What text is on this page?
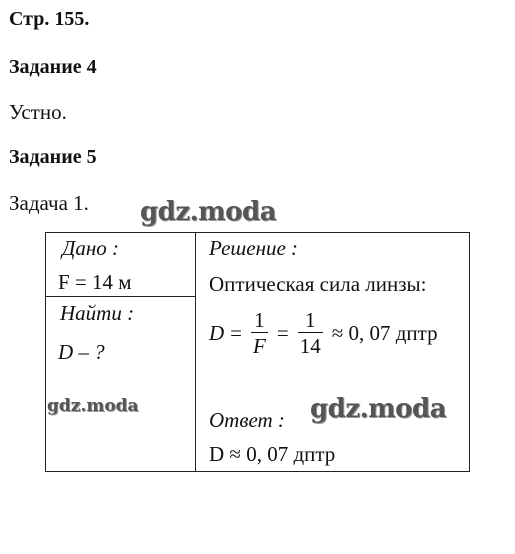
Стр. 155.
Задание 4
Устно.
Задание 5
Задача 1. gdz.moda
Дано :
F = 14 м
Найти :
D – ?
gdz.moda
Решение :
Оптическая сила линзы:
$D = \frac{1}{F} = \frac{1}{14} \approx 0$, 07 дптр
Ответ : gdz.moda
D ≈ 0, 07 дптр
